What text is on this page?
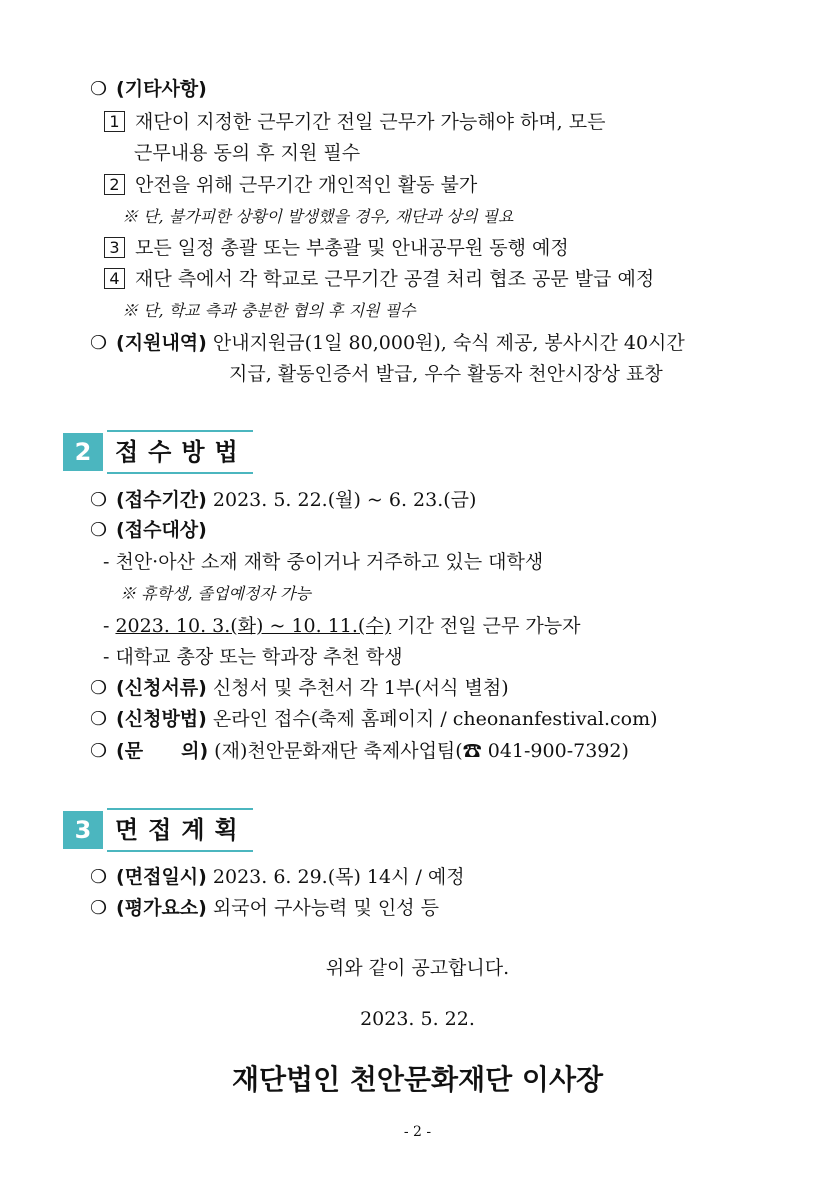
❍ (기타사항)
1 재단이 지정한 근무기간 전일 근무가 가능해야 하며, 모든
근무내용 동의 후 지원 필수
2 안전을 위해 근무기간 개인적인 활동 불가
※ 단, 불가피한 상황이 발생했을 경우, 재단과 상의 필요
3 모든 일정 총괄 또는 부총괄 및 안내공무원 동행 예정
4 재단 측에서 각 학교로 근무기간 공결 처리 협조 공문 발급 예정
※ 단, 학교 측과 충분한 협의 후 지원 필수
❍ (지원내역) 안내지원금(1일 80,000원), 숙식 제공, 봉사시간 40시간
지급, 활동인증서 발급, 우수 활동자 천안시장상 표창
2 접수방법
❍ (접수기간) 2023. 5. 22.(월) ~ 6. 23.(금)
❍ (접수대상)
- 천안·아산 소재 재학 중이거나 거주하고 있는 대학생
※ 휴학생, 졸업예정자 가능
- 2023. 10. 3.(화) ~ 10. 11.(수) 기간 전일 근무 가능자
- 대학교 총장 또는 학과장 추천 학생
❍ (신청서류) 신청서 및 추천서 각 1부(서식 별첨)
❍ (신청방법) 온라인 접수(축제 홈페이지 / cheonanfestival.com)
❍ (문　　의) (재)천안문화재단 축제사업팀(☎ 041-900-7392)
3 면접계획
❍ (면접일시) 2023. 6. 29.(목) 14시 / 예정
❍ (평가요소) 외국어 구사능력 및 인성 등
위와 같이 공고합니다.
2023. 5. 22.
재단법인 천안문화재단 이사장
- 2 -
